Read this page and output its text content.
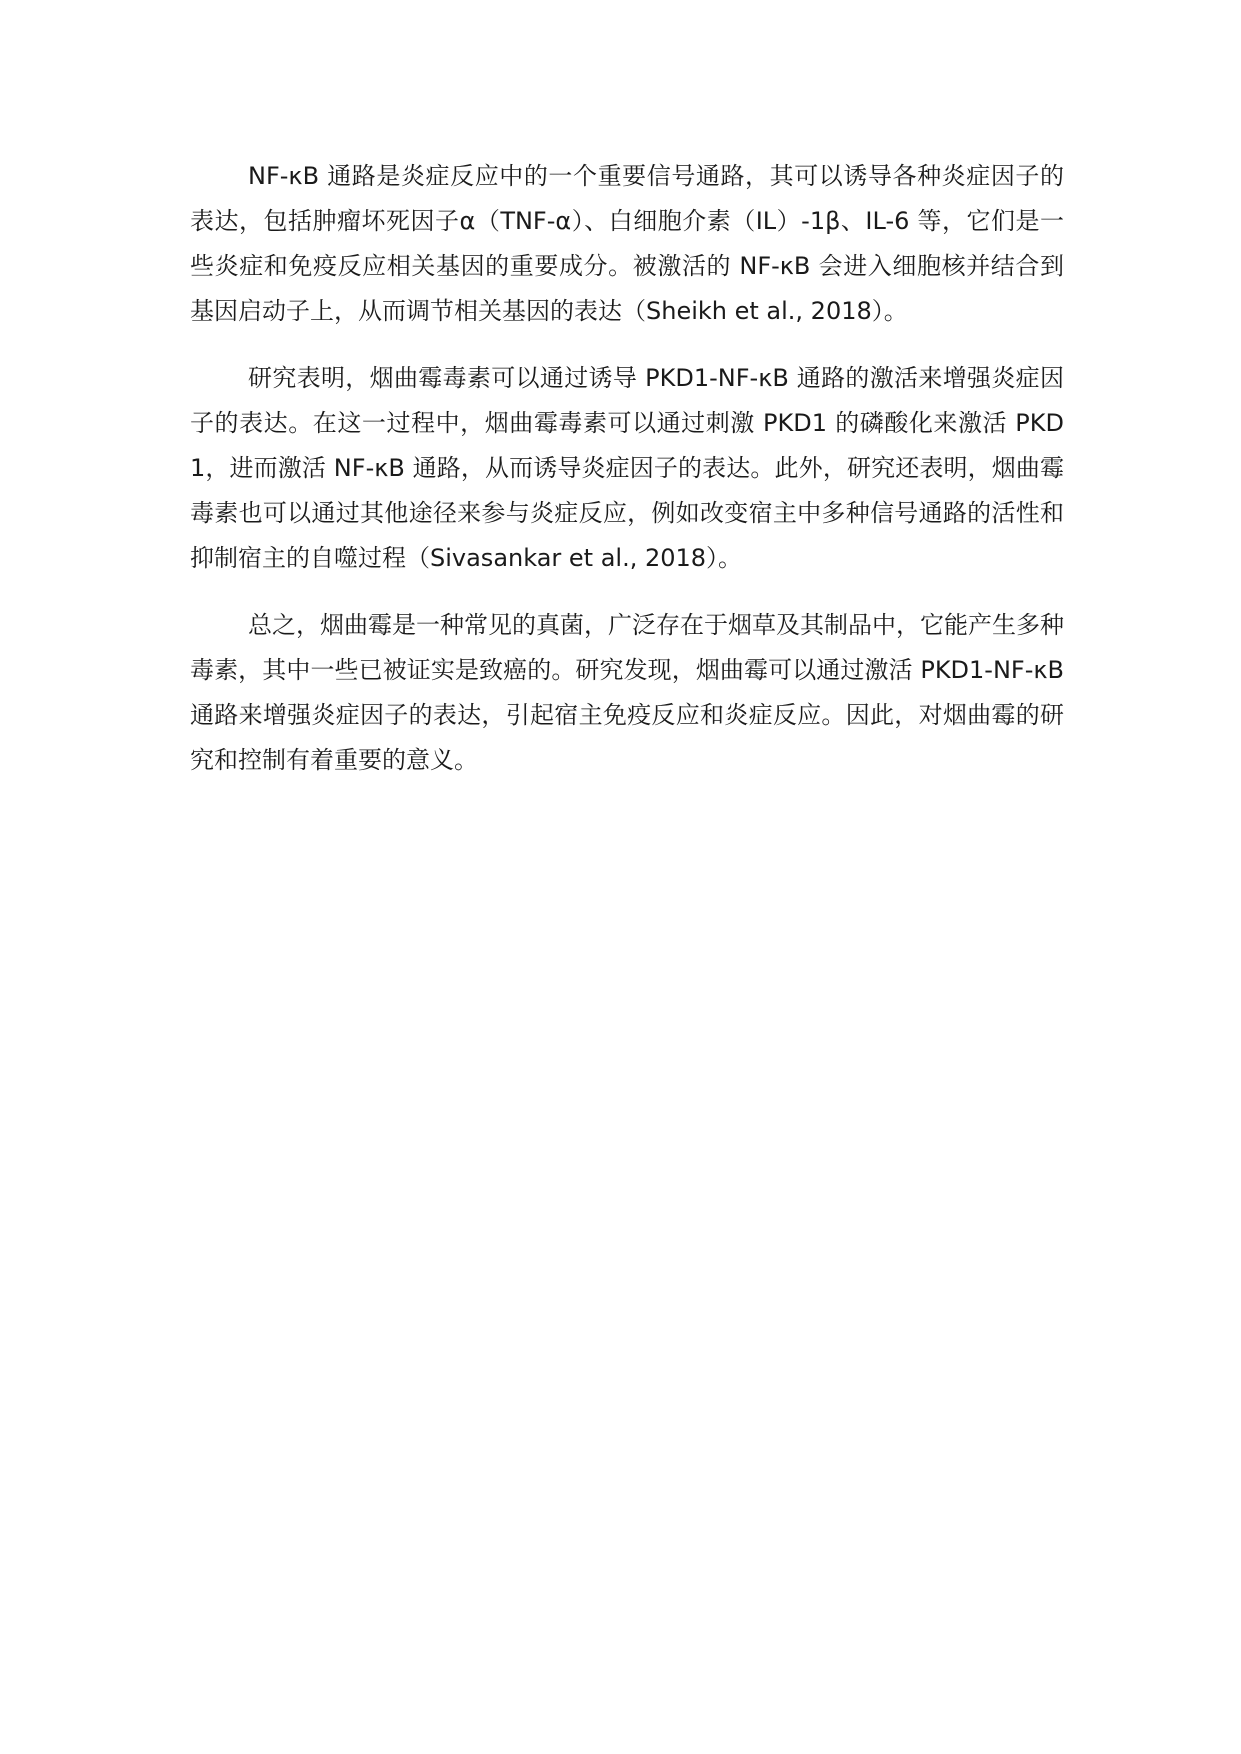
NF-κB 通路是炎症反应中的一个重要信号通路，其可以诱导各种炎症因子的表达，包括肿瘤坏死因子α（TNF-α）、白细胞介素（IL）-1β、IL-6 等，它们是一些炎症和免疫反应相关基因的重要成分。被激活的 NF-κB 会进入细胞核并结合到基因启动子上，从而调节相关基因的表达（Sheikh et al., 2018）。

研究表明，烟曲霉毒素可以通过诱导 PKD1-NF-κB 通路的激活来增强炎症因子的表达。在这一过程中，烟曲霉毒素可以通过刺激 PKD1 的磷酸化来激活 PKD1，进而激活 NF-κB 通路，从而诱导炎症因子的表达。此外，研究还表明，烟曲霉毒素也可以通过其他途径来参与炎症反应，例如改变宿主中多种信号通路的活性和抑制宿主的自噬过程（Sivasankar et al., 2018）。

总之，烟曲霉是一种常见的真菌，广泛存在于烟草及其制品中，它能产生多种毒素，其中一些已被证实是致癌的。研究发现，烟曲霉可以通过激活 PKD1-NF-κB 通路来增强炎症因子的表达，引起宿主免疫反应和炎症反应。因此，对烟曲霉的研究和控制有着重要的意义。
